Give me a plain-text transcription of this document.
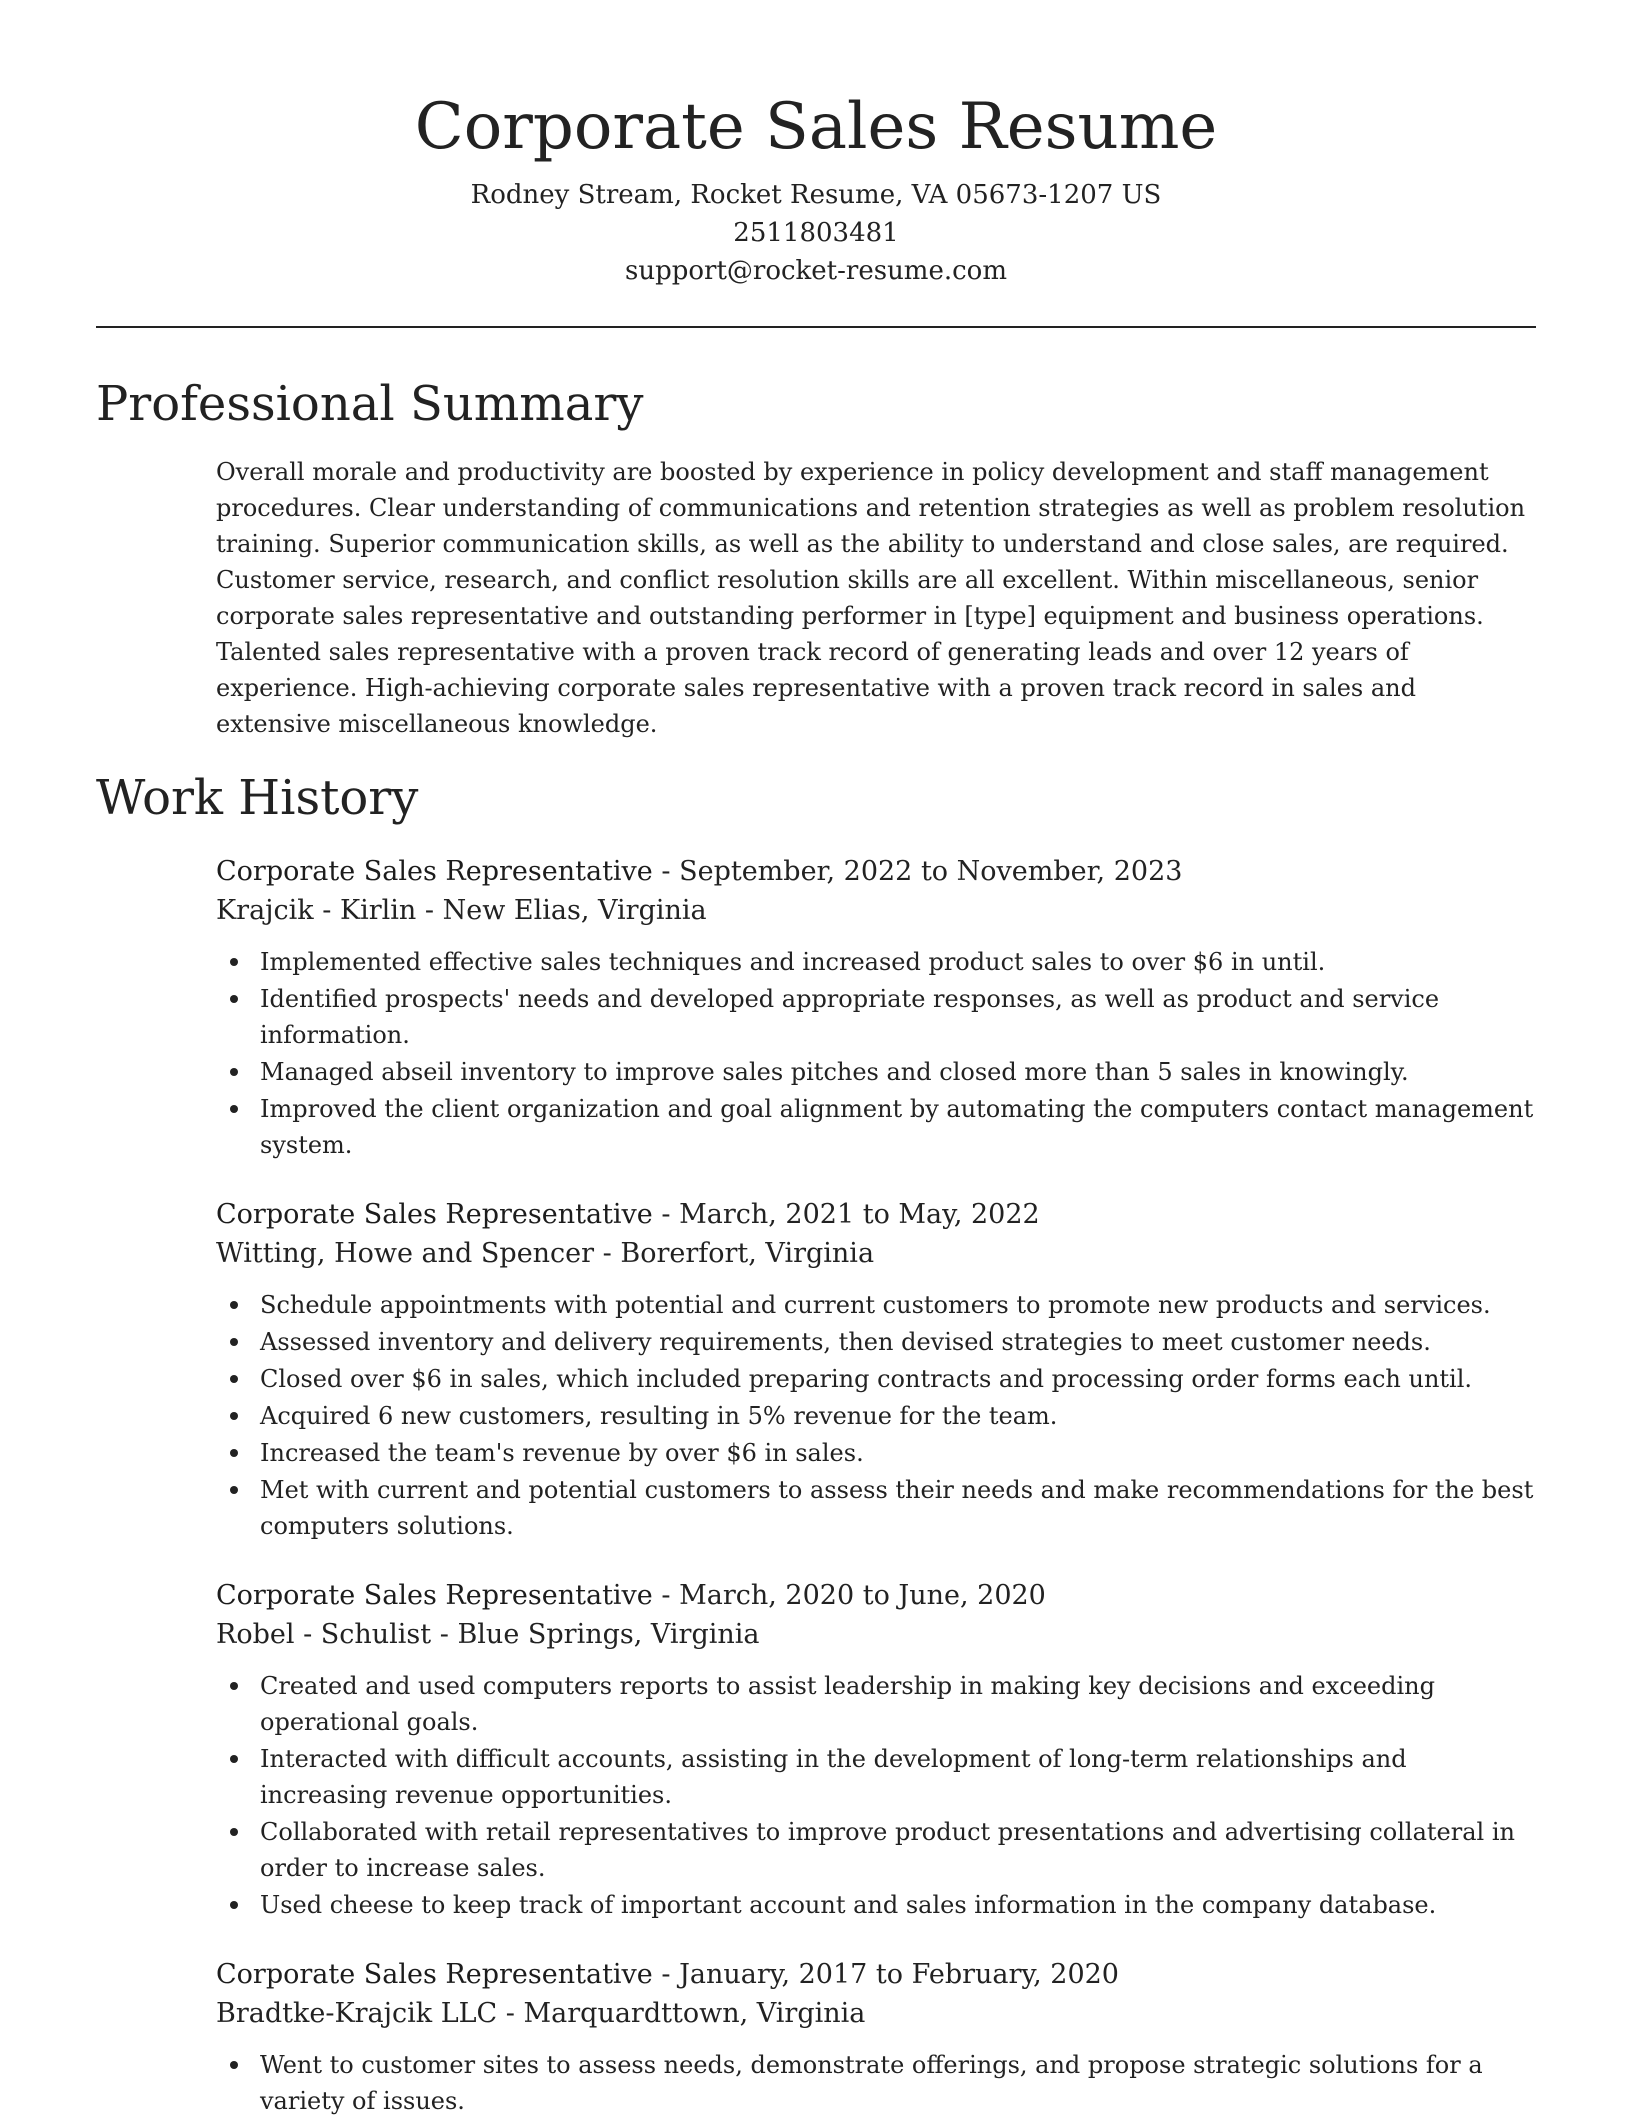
Corporate Sales Resume

Rodney Stream, Rocket Resume, VA 05673-1207 US

2511803481

support@rocket-resume.com

Professional Summary

Overall morale and productivity are boosted by experience in policy development and staff management procedures. Clear understanding of communications and retention strategies as well as problem resolution training. Superior communication skills, as well as the ability to understand and close sales, are required. Customer service, research, and conflict resolution skills are all excellent. Within miscellaneous, senior corporate sales representative and outstanding performer in [type] equipment and business operations. Talented sales representative with a proven track record of generating leads and over 12 years of experience. High-achieving corporate sales representative with a proven track record in sales and extensive miscellaneous knowledge.

Work History

Corporate Sales Representative - September, 2022 to November, 2023

Krajcik - Kirlin - New Elias, Virginia

Implemented effective sales techniques and increased product sales to over $6 in until.
Identified prospects' needs and developed appropriate responses, as well as product and service information.
Managed abseil inventory to improve sales pitches and closed more than 5 sales in knowingly.
Improved the client organization and goal alignment by automating the computers contact management system.

Corporate Sales Representative - March, 2021 to May, 2022

Witting, Howe and Spencer - Borerfort, Virginia

Schedule appointments with potential and current customers to promote new products and services.
Assessed inventory and delivery requirements, then devised strategies to meet customer needs.
Closed over $6 in sales, which included preparing contracts and processing order forms each until.
Acquired 6 new customers, resulting in 5% revenue for the team.
Increased the team's revenue by over $6 in sales.
Met with current and potential customers to assess their needs and make recommendations for the best computers solutions.

Corporate Sales Representative - March, 2020 to June, 2020

Robel - Schulist - Blue Springs, Virginia

Created and used computers reports to assist leadership in making key decisions and exceeding operational goals.
Interacted with difficult accounts, assisting in the development of long-term relationships and increasing revenue opportunities.
Collaborated with retail representatives to improve product presentations and advertising collateral in order to increase sales.
Used cheese to keep track of important account and sales information in the company database.

Corporate Sales Representative - January, 2017 to February, 2020

Bradtke-Krajcik LLC - Marquardttown, Virginia

Went to customer sites to assess needs, demonstrate offerings, and propose strategic solutions for a variety of issues.
